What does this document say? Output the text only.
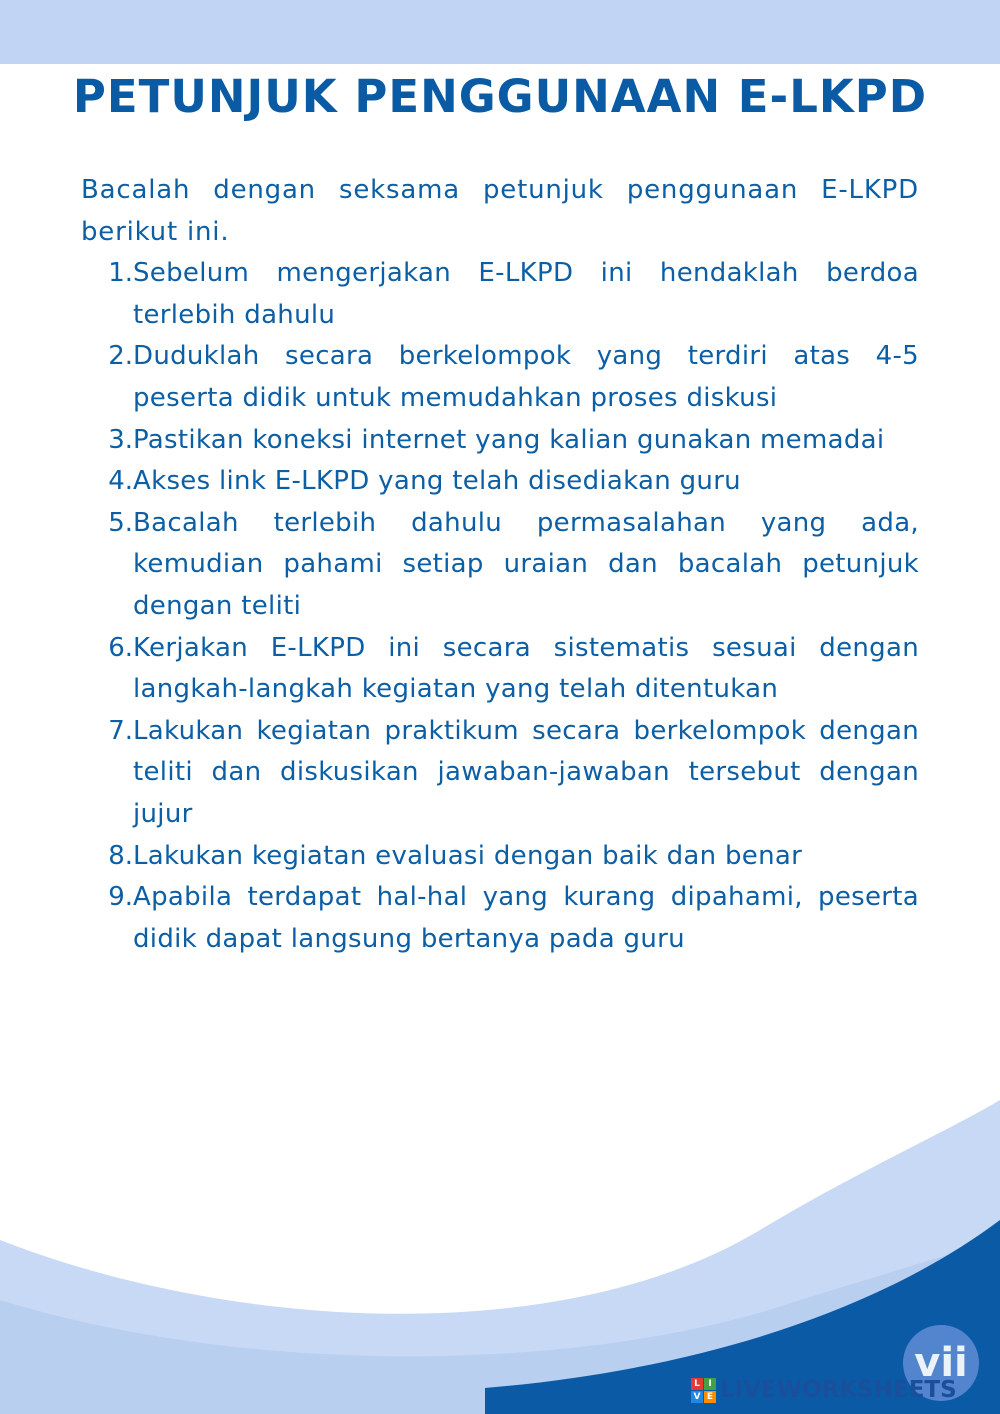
PETUNJUK PENGGUNAAN E-LKPD

Bacalah dengan seksama petunjuk penggunaan E-LKPD berikut ini.

1. Sebelum mengerjakan E-LKPD ini hendaklah berdoa terlebih dahulu
2. Duduklah secara berkelompok yang terdiri atas 4-5 peserta didik untuk memudahkan proses diskusi
3. Pastikan koneksi internet yang kalian gunakan memadai
4. Akses link E-LKPD yang telah disediakan guru
5. Bacalah terlebih dahulu permasalahan yang ada, kemudian pahami setiap uraian dan bacalah petunjuk dengan teliti
6. Kerjakan E-LKPD ini secara sistematis sesuai dengan langkah-langkah kegiatan yang telah ditentukan
7. Lakukan kegiatan praktikum secara berkelompok dengan teliti dan diskusikan jawaban-jawaban tersebut dengan jujur
8. Lakukan kegiatan evaluasi dengan baik dan benar
9. Apabila terdapat hal-hal yang kurang dipahami, peserta didik dapat langsung bertanya pada guru
vii
L I
V E LIVEWORKSHEETS
